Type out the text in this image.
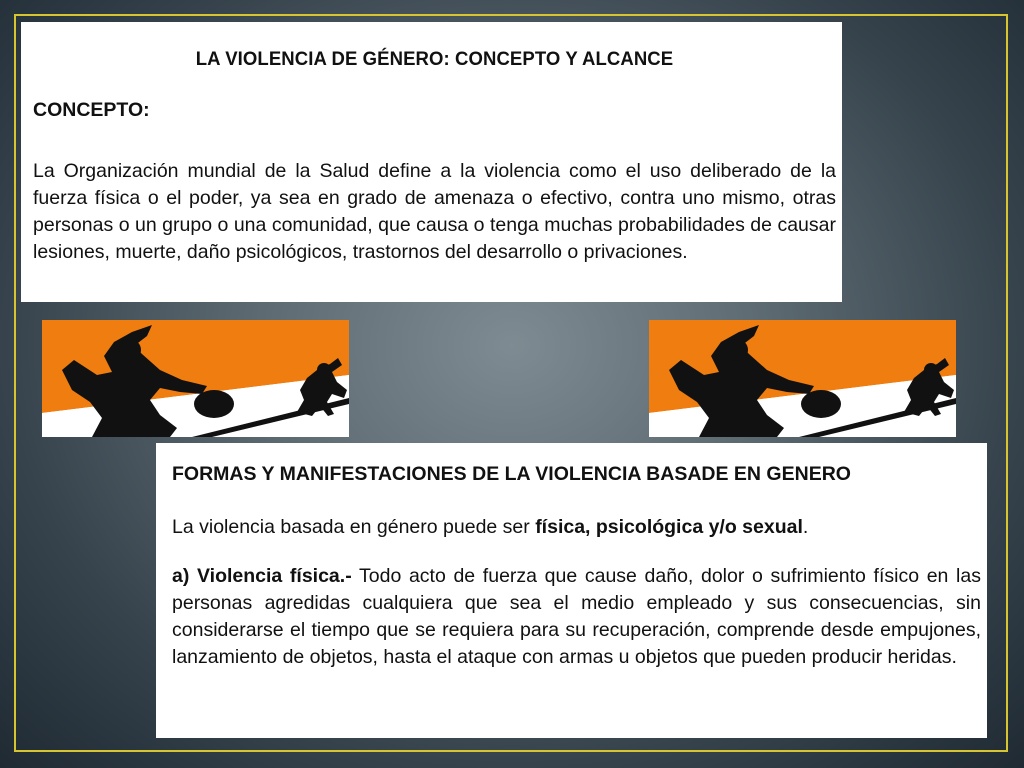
LA VIOLENCIA DE GÉNERO: CONCEPTO Y ALCANCE
CONCEPTO:

La Organización mundial de la Salud define a la violencia como el uso deliberado de la fuerza física o el poder, ya sea en grado de amenaza o efectivo, contra uno mismo, otras personas o un grupo o una comunidad, que causa o tenga muchas probabilidades de causar lesiones, muerte, daño psicológicos, trastornos del desarrollo o privaciones.

FORMAS Y MANIFESTACIONES DE LA VIOLENCIA BASADE EN GENERO

La violencia basada en género puede ser física, psicológica y/o sexual.

a) Violencia física.- Todo acto de fuerza que cause daño, dolor o sufrimiento físico en las personas agredidas cualquiera que sea el medio empleado y sus consecuencias, sin considerarse el tiempo que se requiera para su recuperación, comprende desde empujones, lanzamiento de objetos, hasta el ataque con armas u objetos que pueden producir heridas.
